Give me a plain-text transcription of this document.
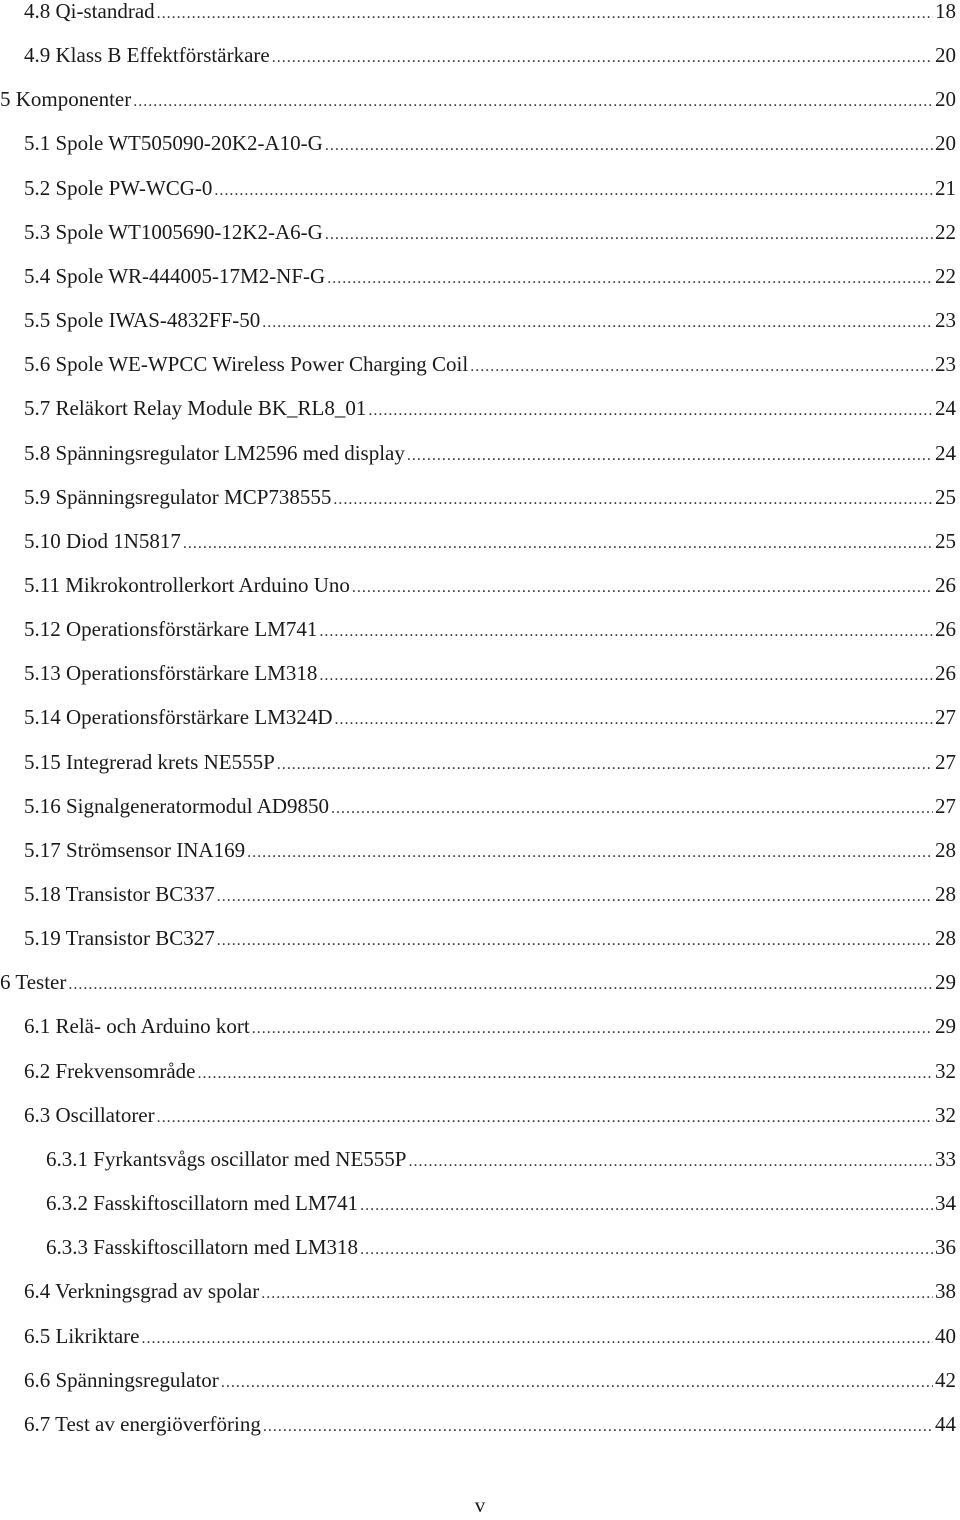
4.8 Qi-standrad .....	18
4.9 Klass B Effektförstärkare .....	20
5 Komponenter .....	20
5.1 Spole WT505090-20K2-A10-G .....	20
5.2 Spole PW-WCG-0 .....	21
5.3 Spole WT1005690-12K2-A6-G .....	22
5.4 Spole WR-444005-17M2-NF-G .....	22
5.5 Spole IWAS-4832FF-50 .....	23
5.6 Spole WE-WPCC Wireless Power Charging Coil .....	23
5.7 Reläkort Relay Module BK_RL8_01 .....	24
5.8 Spänningsregulator LM2596 med display .....	24
5.9 Spänningsregulator MCP738555 .....	25
5.10 Diod 1N5817 .....	25
5.11 Mikrokontrollerkort Arduino Uno .....	26
5.12 Operationsförstärkare LM741 .....	26
5.13 Operationsförstärkare LM318 .....	26
5.14 Operationsförstärkare LM324D .....	27
5.15 Integrerad krets NE555P .....	27
5.16 Signalgeneratormodul AD9850 .....	27
5.17 Strömsensor INA169 .....	28
5.18 Transistor BC337 .....	28
5.19 Transistor BC327 .....	28
6 Tester .....	29
6.1 Relä- och Arduino kort .....	29
6.2 Frekvensområde .....	32
6.3 Oscillatorer .....	32
6.3.1 Fyrkantsvågs oscillator med NE555P .....	33
6.3.2 Fasskiftoscillatorn med LM741 .....	34
6.3.3 Fasskiftoscillatorn med LM318 .....	36
6.4 Verkningsgrad av spolar .....	38
6.5 Likriktare .....	40
6.6 Spänningsregulator .....	42
6.7 Test av energiöverföring .....	44
v
